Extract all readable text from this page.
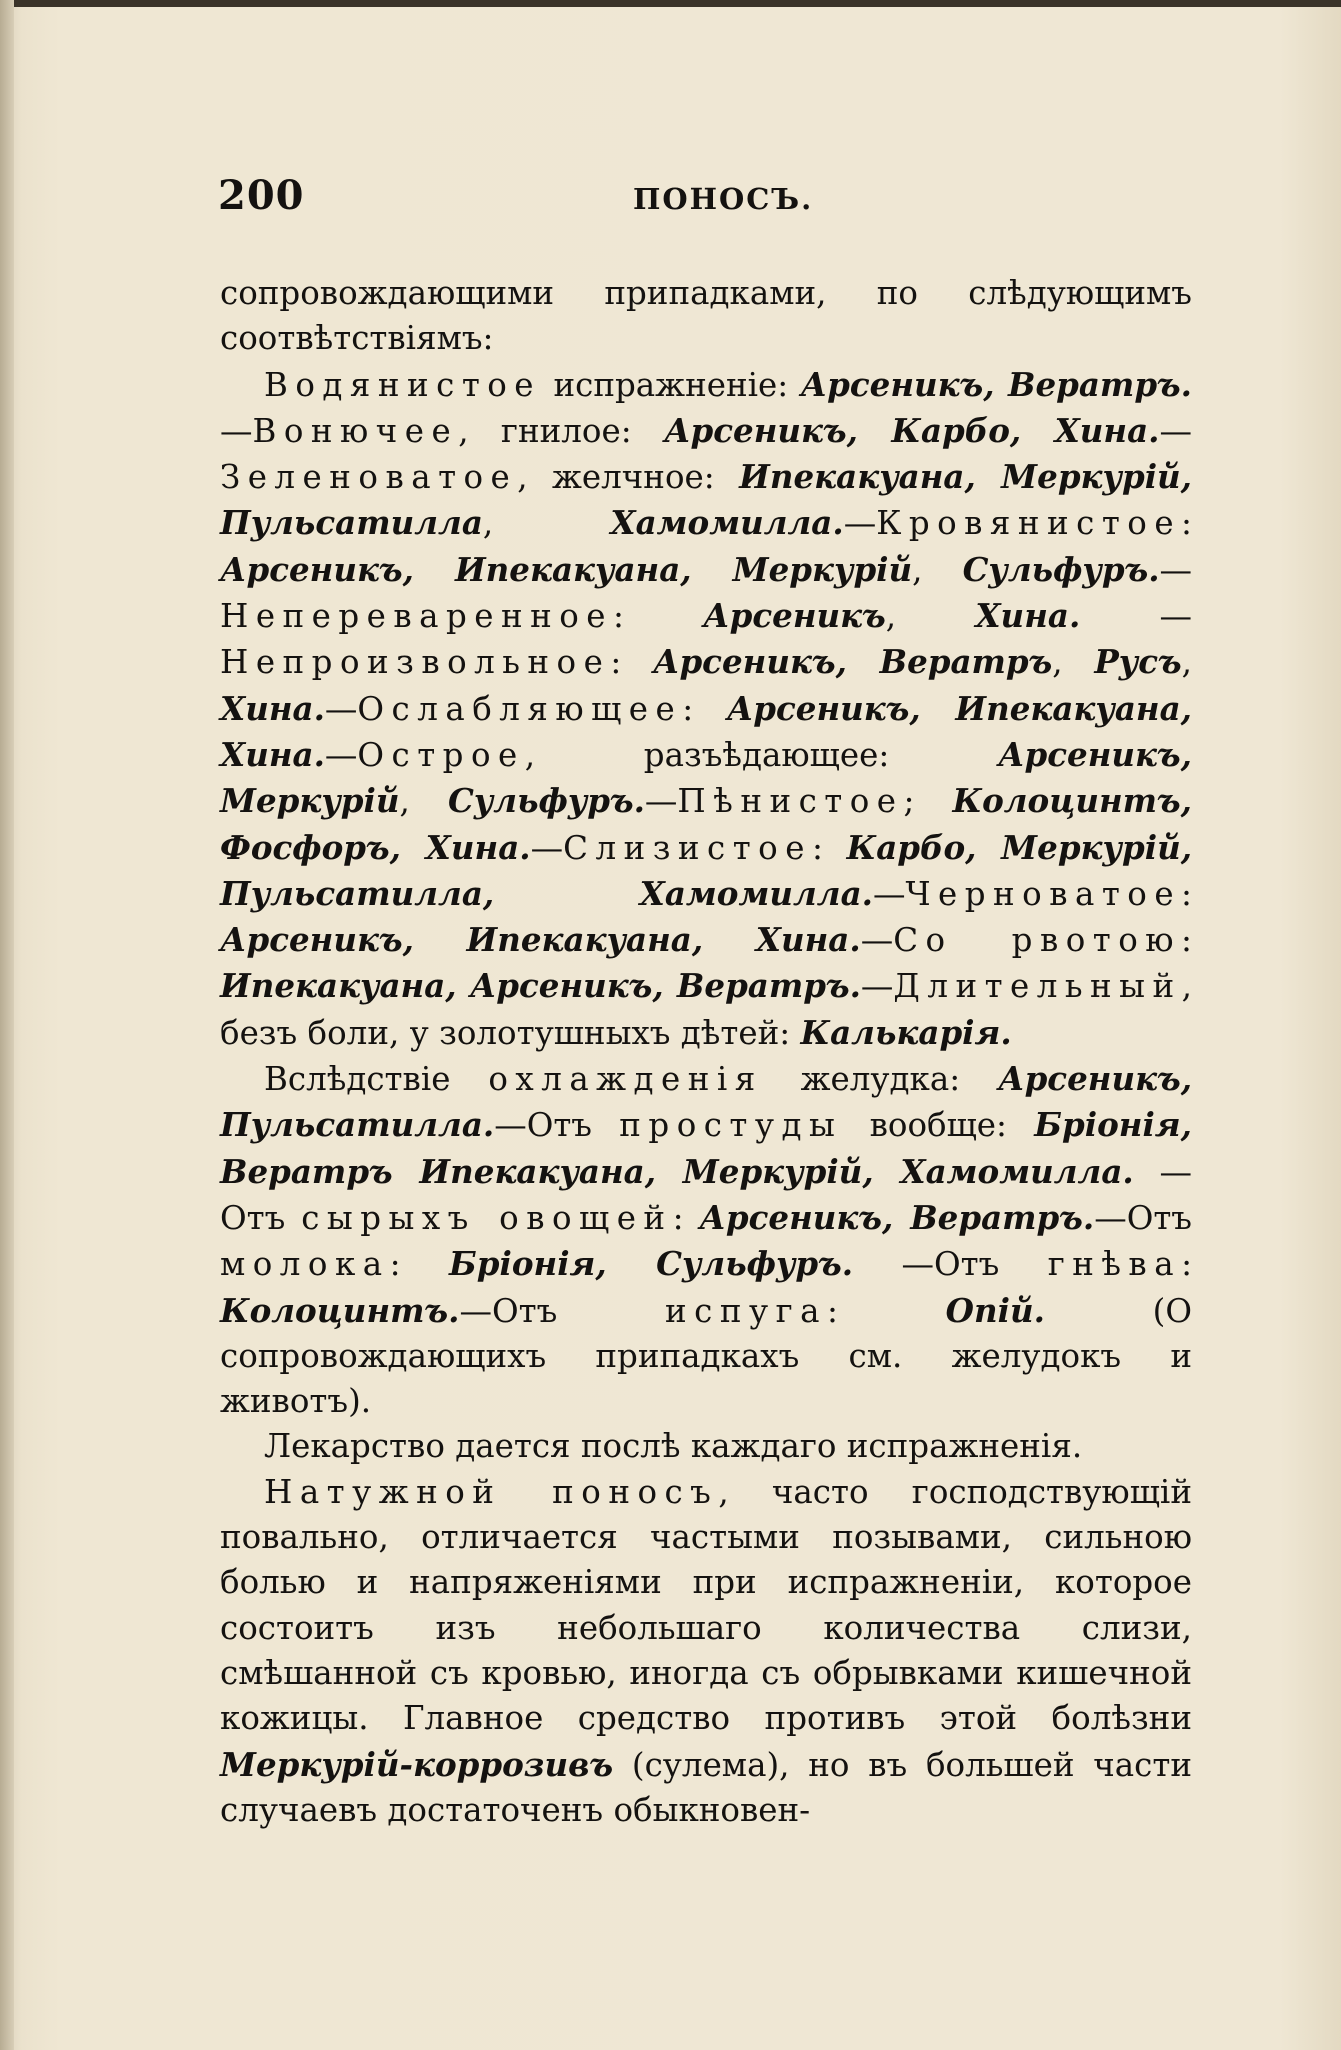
200	ПОНОСЪ.

сопровождающими припадками, по слѣдующимъ соотвѣтствіямъ:

Водянистое испражненіе: Арсеникъ, Вератръ.—Вонючее, гнилое: Арсеникъ, Карбо, Хина.—Зеленоватое, желчное: Ипекакуана, Меркурій, Пульсатилла, Хамомилла.—Кровянистое: Арсеникъ, Ипекакуана, Меркурій, Сульфуръ.—Непереваренное: Арсеникъ, Хина. — Непроизвольное: Арсеникъ, Вератръ, Русъ, Хина.—Ослабляющее: Арсеникъ, Ипекакуана, Хина.—Острое, разъѣдающее: Арсеникъ, Меркурій, Сульфуръ.—Пѣнистое; Колоцинтъ, Фосфоръ, Хина.—Слизистое: Карбо, Меркурій, Пульсатилла, Хамомилла.—Черноватое: Арсеникъ, Ипекакуана, Хина.—Со рвотою: Ипекакуана, Арсеникъ, Вератръ.—Длительный, безъ боли, у золотушныхъ дѣтей: Калькарія.

Вслѣдствіе охлажденія желудка: Арсеникъ, Пульсатилла.—Отъ простуды вообще: Бріонія, Вератръ Ипекакуана, Меркурій, Хамомилла. —Отъ сырыхъ овощей: Арсеникъ, Вератръ.—Отъ молока: Бріонія, Сульфуръ. —Отъ гнѣва: Колоцинтъ.—Отъ испуга: Опій. (О сопровождающихъ припадкахъ см. желудокъ и животъ).

Лекарство дается послѣ каждаго испражненія.

Натужной поносъ, часто господствующій повально, отличается частыми позывами, сильною болью и напряженіями при испражненіи, которое состоитъ изъ небольшаго количества слизи, смѣшанной съ кровью, иногда съ обрывками кишечной кожицы. Главное средство противъ этой болѣзни Меркурій-коррозивъ (сулема), но въ большей части случаевъ достаточенъ обыкновен-
